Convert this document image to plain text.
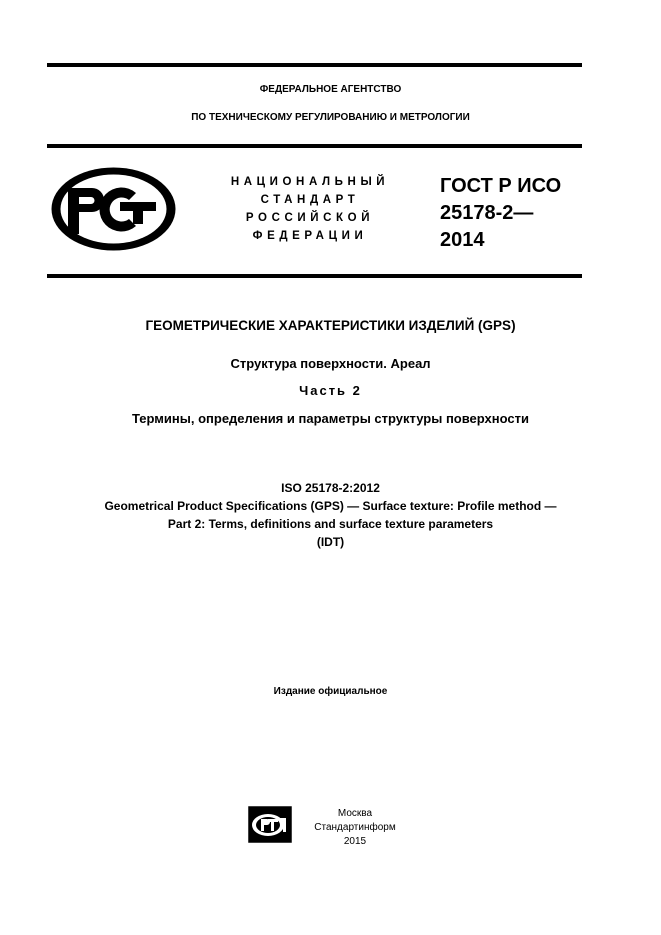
ФЕДЕРАЛЬНОЕ АГЕНТСТВО
ПО ТЕХНИЧЕСКОМУ РЕГУЛИРОВАНИЮ И МЕТРОЛОГИИ
НАЦИОНАЛЬНЫЙ
СТАНДАРТ
РОССИЙСКОЙ
ФЕДЕРАЦИИ
ГОСТ Р ИСО
25178-2—
2014
ГЕОМЕТРИЧЕСКИЕ ХАРАКТЕРИСТИКИ ИЗДЕЛИЙ (GPS)
Структура поверхности. Ареал
Часть 2
Термины, определения и параметры структуры поверхности
ISO 25178-2:2012
Geometrical Product Specifications (GPS) — Surface texture: Profile method —
Part 2: Terms, definitions and surface texture parameters
(IDT)
Издание официальное
Москва
Стандартинформ
2015
